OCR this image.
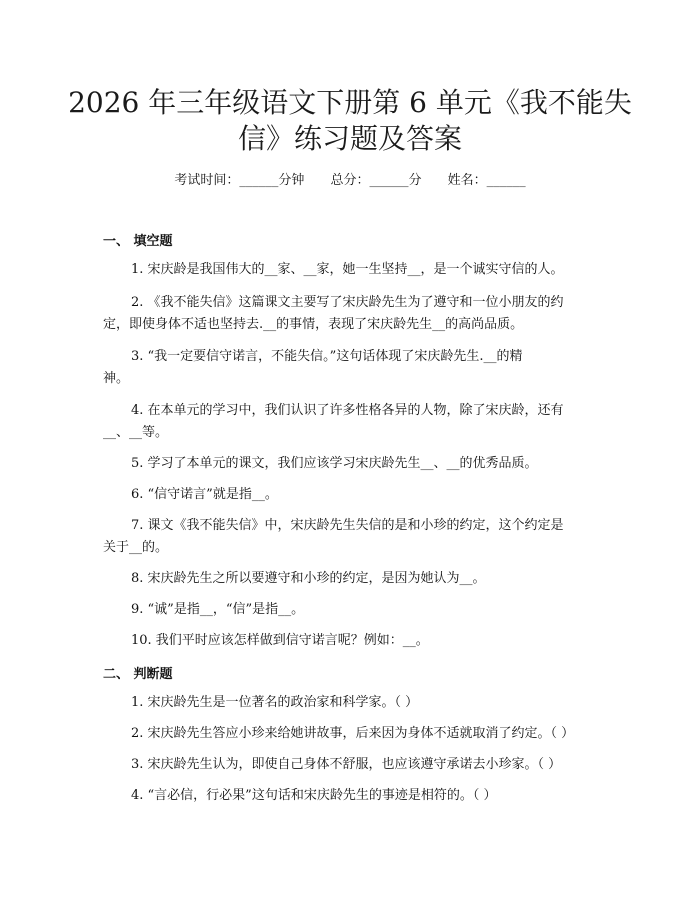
2026 年三年级语文下册第 6 单元《我不能失
信》练习题及答案
考试时间：______分钟 总分：______分 姓名：______
一、 填空题
1. 宋庆龄是我国伟大的__家、__家，她一生坚持__，是一个诚实守信的人。
2. 《我不能失信》这篇课文主要写了宋庆龄先生为了遵守和一位小朋友的约
定，即使身体不适也坚持去.__的事情，表现了宋庆龄先生__的高尚品质。
3. “我一定要信守诺言，不能失信。”这句话体现了宋庆龄先生.__的精
神。
4. 在本单元的学习中，我们认识了许多性格各异的人物，除了宋庆龄，还有
__、__等。
5. 学习了本单元的课文，我们应该学习宋庆龄先生__、__的优秀品质。
6. “信守诺言”就是指__。
7. 课文《我不能失信》中，宋庆龄先生失信的是和小珍的约定，这个约定是
关于__的。
8. 宋庆龄先生之所以要遵守和小珍的约定，是因为她认为__。
9. “诚”是指__，“信”是指__。
10. 我们平时应该怎样做到信守诺言呢？例如：__。
二、 判断题
1. 宋庆龄先生是一位著名的政治家和科学家。（ ）
2. 宋庆龄先生答应小珍来给她讲故事，后来因为身体不适就取消了约定。（ ）
3. 宋庆龄先生认为，即使自己身体不舒服，也应该遵守承诺去小珍家。（ ）
4. “言必信，行必果”这句话和宋庆龄先生的事迹是相符的。（ ）
